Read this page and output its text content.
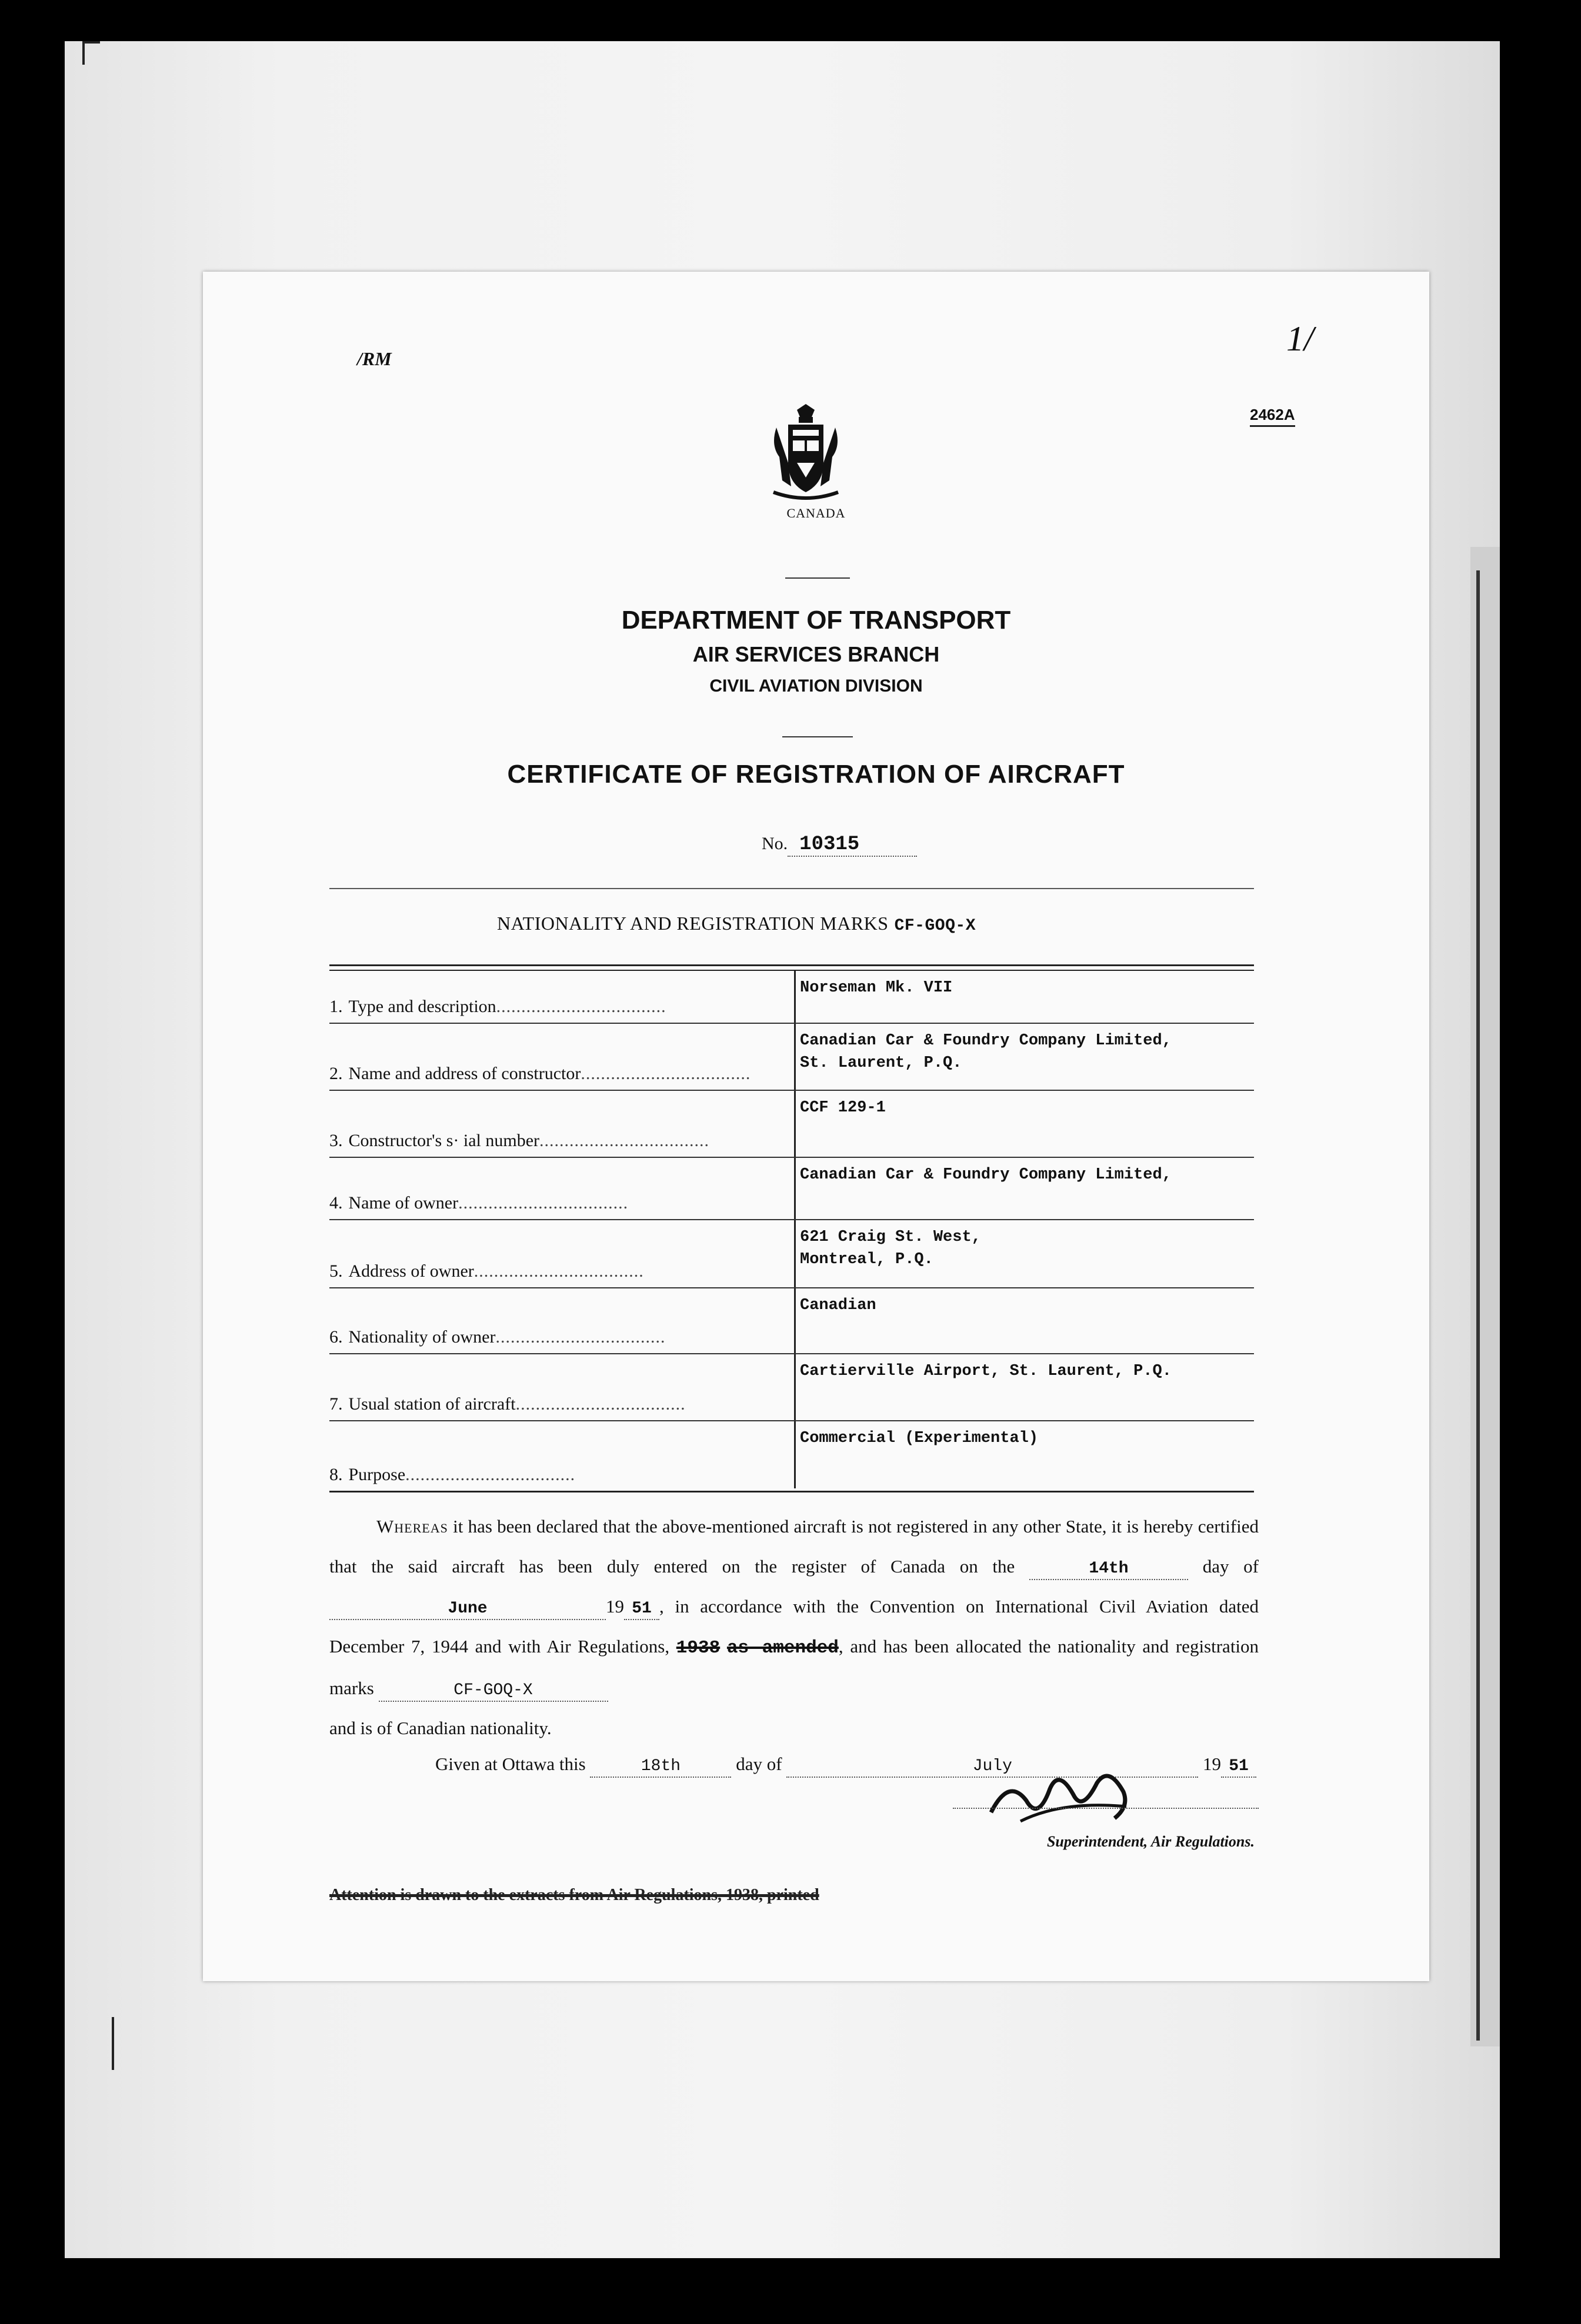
/RM
1/
2462A
CANADA
DEPARTMENT OF TRANSPORT
AIR SERVICES BRANCH
CIVIL AVIATION DIVISION
CERTIFICATE OF REGISTRATION OF AIRCRAFT
No. 10315
NATIONALITY AND REGISTRATION MARKS CF-GOQ-X
1. Type and description..................................
Norseman Mk. VII
2. Name and address of constructor..................................
Canadian Car & Foundry Company Limited,
St. Laurent, P.Q.
3. Constructor's s· ial number..................................
CCF 129-1
4. Name of owner..................................
Canadian Car & Foundry Company Limited,
5. Address of owner..................................
621 Craig St. West,
Montreal, P.Q.
6. Nationality of owner..................................
Canadian
7. Usual station of aircraft..................................
Cartierville Airport, St. Laurent, P.Q.
8. Purpose..................................
Commercial (Experimental)
Whereas it has been declared that the above-mentioned aircraft is not registered in any other State, it is hereby certified that the said aircraft has been duly entered on the register of Canada on the	14th	day of June	19 51 , in accordance with the Convention on International Civil Aviation dated December 7, 1944 and with Air Regulations, 1938 as amended, and has been allocated the nationality and registration marks	CF-GOQ-X
and is of Canadian nationality.
Given at Ottawa this	18th	day of	July	19 51
Superintendent, Air Regulations.
Attention is drawn to the extracts from Air Regulations, 1938, printed
